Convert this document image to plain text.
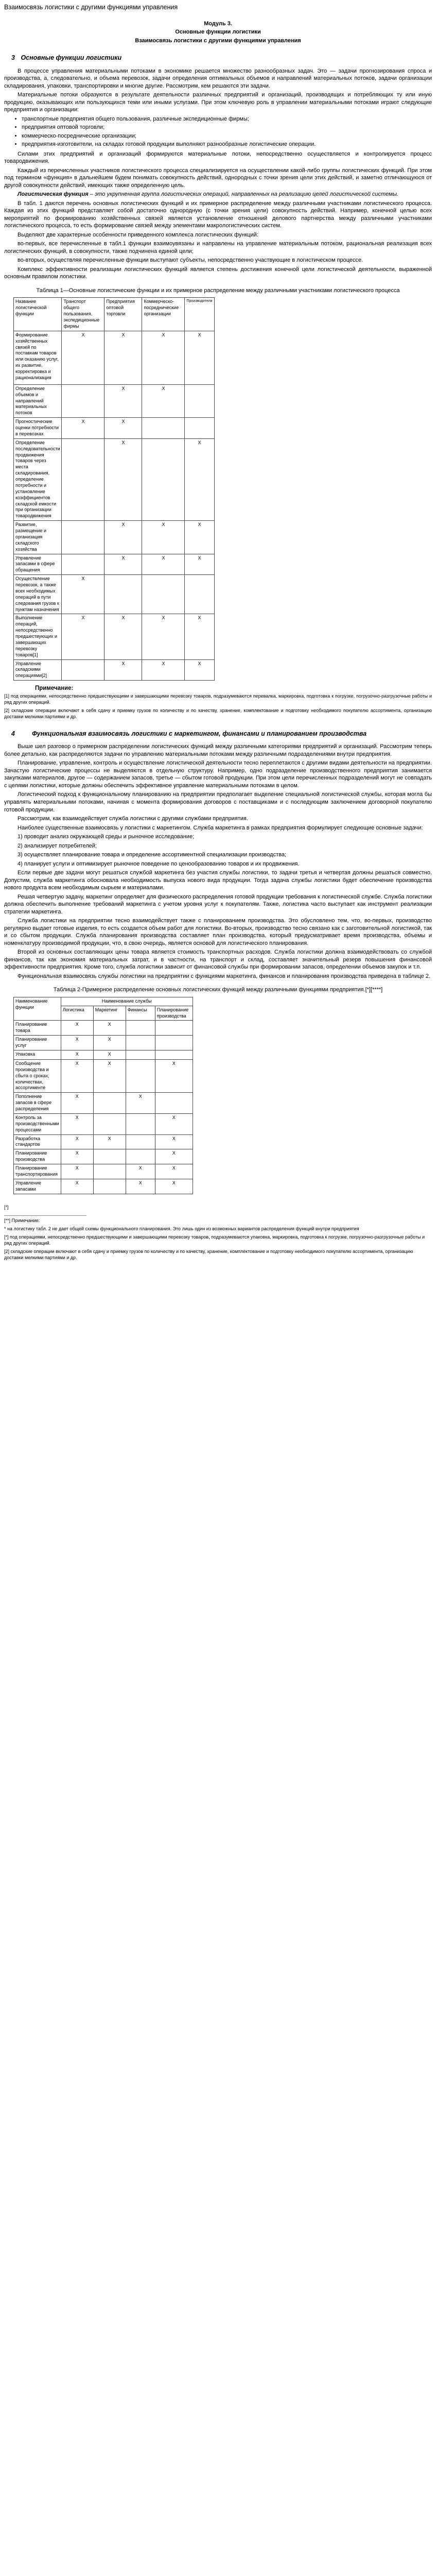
Взаимосвязь логистики с другими функциями управления
Модуль 3.
Основные функции логистики
Взаимосвязь логистики с другими функциями управления
3 Основные функции логистики

В процессе управления материальными потоками в экономике решается множество разнообразных задач. Это — задачи прогнозирования спроса и производства, а, следовательно, и объема перевозок, задачи определения оптимальных объемов и направлений материальных потоков, задачи организации складирования, упаковки, транспортировки и многие другие. Рассмотрим, кем решаются эти задачи.

Материальные потоки образуются в результате деятельности различных предприятий и организаций, производящих и потребляющих ту или иную продукцию, оказывающих или пользующихся теми или иными услугами. При этом ключевую роль в управлении материальными потоками играют следующие предприятия и организации:

• транспортные предприятия общего пользования, различные экспедиционные фирмы;
• предприятия оптовой торговли;
• коммерческо-посреднические организации;
• предприятия-изготовители, на складах готовой продукции выполняют разнообразные логистические операции.

Силами этих предприятий и организаций формируются материальные потоки, непосредственно осуществляется и контролируется процесс товародвижения.

Каждый из перечисленных участников логистического процесса специализируется на осуществлении какой-либо группы логистических функций. При этом под термином «функция» в дальнейшем будем понимать совокупность действий, однородных с точки зрения цели этих действий, и заметно отличающуюся от другой совокупности действий, имеющих также определенную цель.

Логистическая функция – это укрупненная группа логистических операций, направленных на реализацию целей логистической системы.

В табл. 1 даются перечень основных логистических функций и их примерное распределение между различными участниками логистического процесса. Каждая из этих функций представляет собой достаточно однородную (с точки зрения цели) совокупность действий. Например, конечной целью всех мероприятий по формированию хозяйственных связей является установление отношений делового партнерства между различными участниками логистического процесса, то есть формирование связей между элементами макрологистических систем.

Выделяют две характерные особенности приведенного комплекса логистических функций:

во-первых, все перечисленные в табл.1 функции взаимоувязаны и направлены на управление материальным потоком, рациональная реализация всех логистических функций, в совокупности, также подчинена единой цели;

во-вторых, осуществляя перечисленные функции выступают субъекты, непосредственно участвующие в логистическом процессе.

Комплекс эффективности реализации логистических функций является степень достижения конечной цели логистической деятельности, выраженной основным правилом логистики.

Таблица 1—Основные логистические функции и их примерное распределение между различными участниками логистического процесса
Название логистической функции	Транспорт общего пользования, экспедиционные фирмы	Предприятия оптовой торговли	Коммерческо-посреднические организации	Производители
Формирование хозяйственных связей по поставкам товаров или оказанию услуг, их развитие, корректировка и рационализация	X	X	X	X
Определение объемов и направлений материальных потоков		X	X	
Прогностические оценки потребности в перевозках	X	X		
Определение последовательности продвижения товаров через места складирования, определение потребности и установление коэффициентов складской емкости при организации товародвижения		X		X
Развитие, размещение и организация складского хозяйства		X	X	X
Управление запасами в сфере обращения		X	X	X
Осуществление перевозок, а также всех необходимых операций в пути следования грузов к пунктам назначения	X			
Выполнение операций, непосредственно предшествующих и завершающих перевозку товаров[1]	X	X	X	X
Управление складскими операциями[2]		X	X	X
Примечание:

[1] под операциями, непосредственно предшествующими и завершающими перевозку товаров, подразумеваются перевалка, маркировка, подготовка к погрузке, погрузочно-разгрузочные работы и ряд других операций.

[2] складские операции включают в себя сдачу и приемку грузов по количеству и по качеству, хранение, комплектование и подготовку необходимого покупателю ассортимента, организацию доставки мелкими партиями и др.

4	Функциональная взаимосвязь логистики с маркетингом, финансами и планированием производства

Выше шел разговор о примерном распределении логистических функций между различными категориями предприятий и организаций. Рассмотрим теперь более детально, как распределяются задачи по управлению материальными потоками между различными подразделениями внутри предприятия.

Планирование, управление, контроль и осуществление логистической деятельности тесно переплетаются с другими видами деятельности на предприятии. Зачастую логистические процессы не выделяются в отдельную структуру. Например, одно подразделение производственного предприятия занимается закупками материалов, другое — содержанием запасов, третье — сбытом готовой продукции. При этом цели перечисленных подразделений могут не совпадать с целями логистики, которые должны обеспечить эффективное управление материальными потоками в целом.

Логистический подход к функциональному планированию на предприятии предполагает выделение специальной логистической службы, которая могла бы управлять материальными потоками, начиная с момента формирования договоров с поставщиками и с последующим заключением договорной покупателю готовой продукции.

Рассмотрим, как взаимодействует служба логистики с другими службами предприятия.

Наиболее существенные взаимосвязь у логистики с маркетингом. Служба маркетинга в рамках предприятия формулирует следующие основные задачи:

1) проводит анализ окружающей среды и рыночное исследование;

2) анализирует потребителей;

3) осуществляет планирование товара и определение ассортиментной специализации производства;

4) планирует услуги и оптимизирует рыночное поведение по ценообразованию товаров и их продвижения.

Если первые две задачи могут решаться службой маркетинга без участия службы логистики, то задачи третья и четвертая должны решаться совместно. Допустим, служба маркетинга обосновала необходимость выпуска нового вида продукции. Тогда задача службы логистики будет обеспечение производства нового продукта всем необходимым сырьем и материалами.

Решая четвертую задачу, маркетинг определяет для физического распределения готовой продукции требования к логистической службе. Служба логистики должна обеспечить выполнение требований маркетинга с учетом уровня услуг к покупателям. Также, логистика часто выступает как инструмент реализации стратегии маркетинга.

Служба логистики на предприятии тесно взаимодействует также с планированием производства. Это обусловлено тем, что, во-первых, производство регулярно выдает готовые изделия, то есть создается объем работ для логистики. Во-вторых, производство тесно связано как с заготовительной логистикой, так и со сбытом продукции. Служба планирования производства составляет план производства, который предусматривает время производства, объемы и номенклатуру производимой продукции, что, в свою очередь, является основой для логистического планирования.

Второй из основных составляющих цены товара является стоимость транспортных расходов. Служба логистики должна взаимодействовать со службой финансов, так как экономия материальных затрат, и в частности, на транспорт и склад, составляет значительный резерв повышения финансовой эффективности предприятия. Кроме того, служба логистики зависит от финансовой службы при формировании запасов, определении объемов закупок и т.п.

Функциональная взаимосвязь службы логистики на предприятии с функциями маркетинга, финансов и планирования производства приведена в таблице 2.

Таблица 2-Примерное распределение основных логистических функций между различными функциями предприятия.[*][****]
Наименование функции	Наименование службы			
	Логистика	Маркетинг	Финансы	Планирование производства
Планирование товара	X	X		
Планирование услуг	X	X		
Упаковка	X	X		
Сообщение производства и сбыта о сроках, количествах, ассортименте	X	X		X
Пополнение запасов в сфере распределения	X		X	
Контроль за производственными процессами	X			X
Разработка стандартов	X	X		X
Планирование производства	X			X
Планирование транспортирования	X		X	X
Управление запасами	X		X	X
[*]
[**] Примечание:
* на логистику табл. 2 не дает общей схемы функционального планирования. Это лишь один из возможных вариантов распределения функций внутри предприятия
[*] под операциями, непосредственно предшествующими и завершающими перевозку товаров, подразумеваются упаковка, маркировка, подготовка к погрузке, погрузочно-разгрузочные работы и ряд других операций.
[2] складские операции включают в себя сдачу и приемку грузов по количеству и по качеству, хранение, комплектование и подготовку необходимого покупателю ассортимента, организацию доставки мелкими партиями и др.
